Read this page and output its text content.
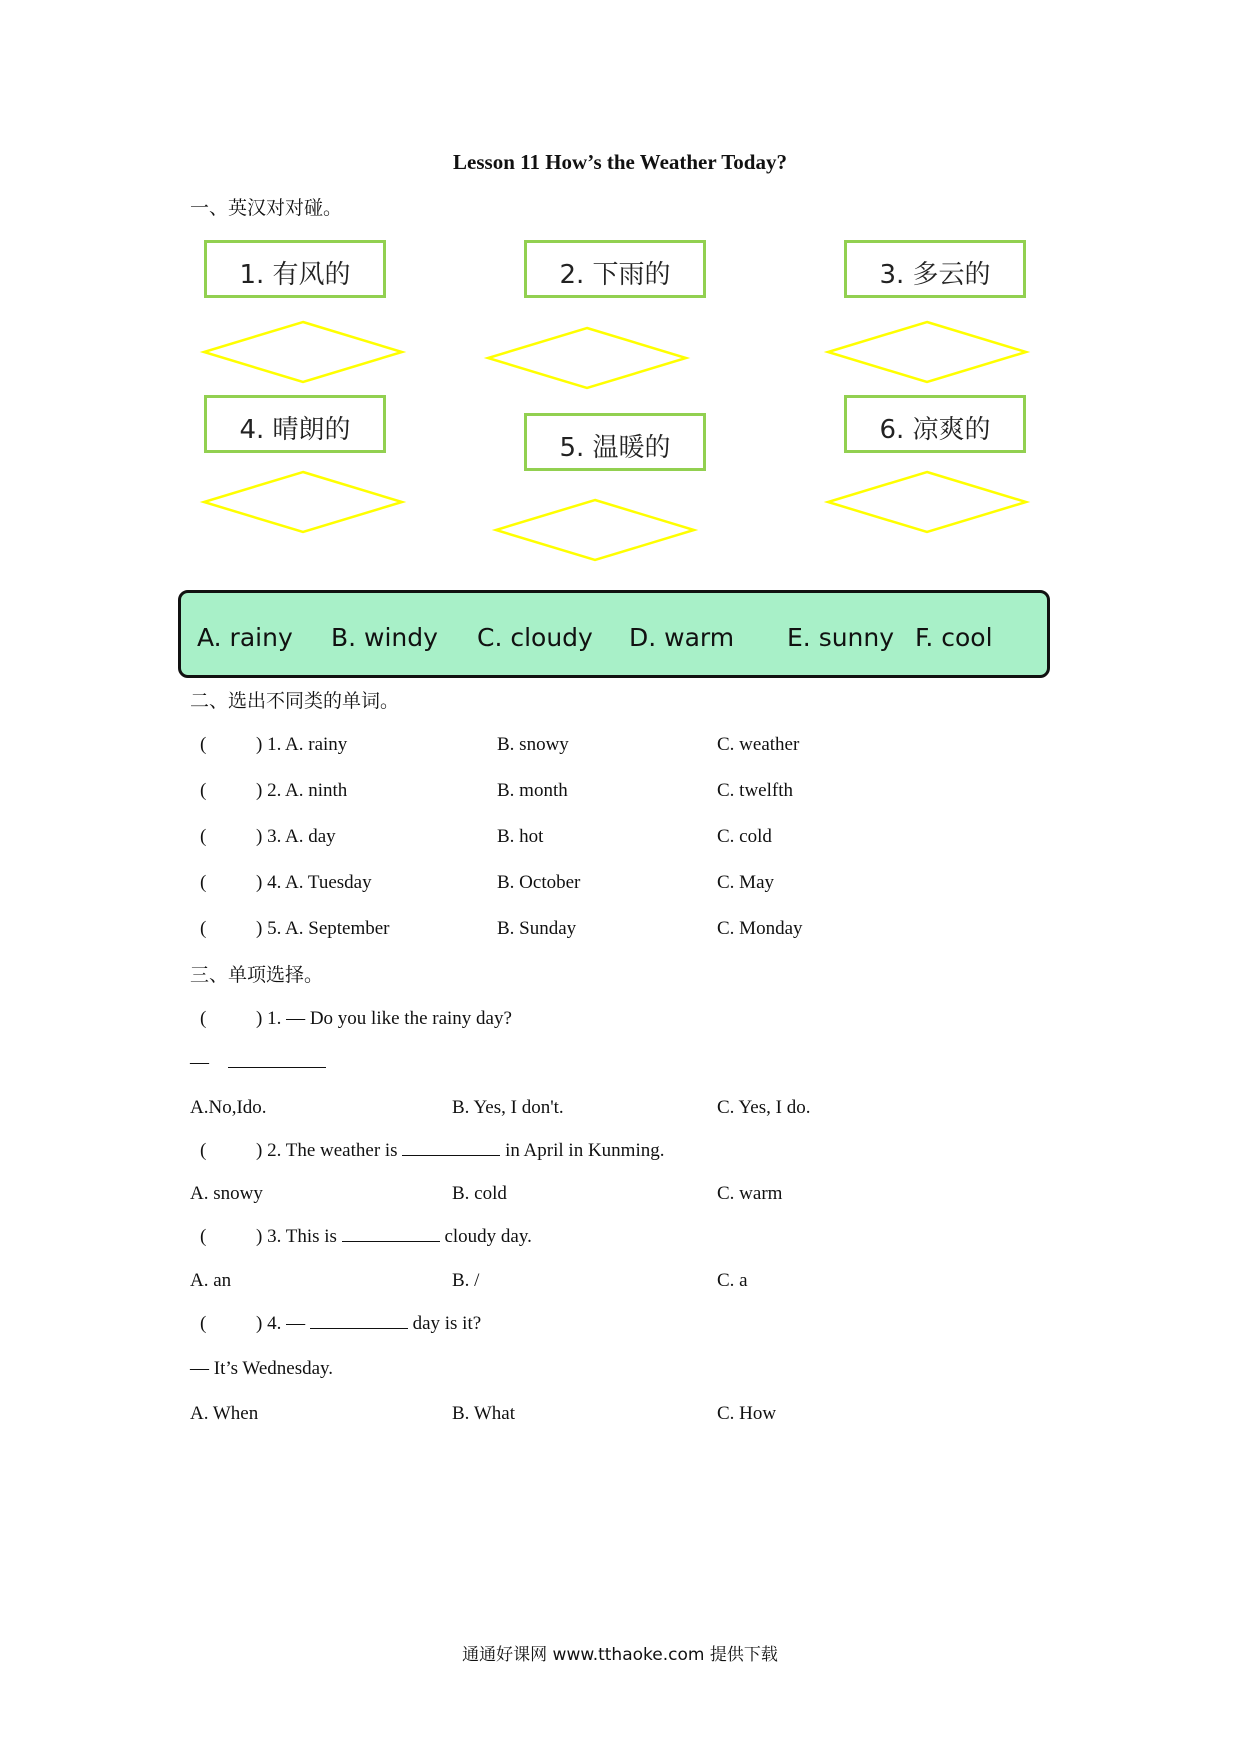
Lesson 11 How’s the Weather Today?
一、英汉对对碰。
1. 有风的	2. 下雨的	3. 多云的
4. 晴朗的
5. 温暖的
6. 凉爽的
A. rainy B. windy C. cloudy D. warm E. sunny F. cool
二、选出不同类的单词。
(	) 1. A. rainy	B. snowy	C. weather
(	) 2. A. ninth	B. month	C. twelfth
(	) 3. A. day	B. hot	C. cold
(	) 4. A. Tuesday	B. October	C. May
(	) 5. A. September	B. Sunday	C. Monday
三、单项选择。
(	) 1. — Do you like the rainy day?
—
A.No,Ido.	B. Yes, I don't.	C. Yes, I do.
(	) 2. The weather is	in April in Kunming.
A. snowy	B. cold	C. warm
(	) 3. This is	cloudy day.
A. an	B. /	C. a
(	) 4. —	day is it?
— It’s Wednesday.
A. When	B. What	C. How
通通好课网 www.tthaoke.com 提供下载
